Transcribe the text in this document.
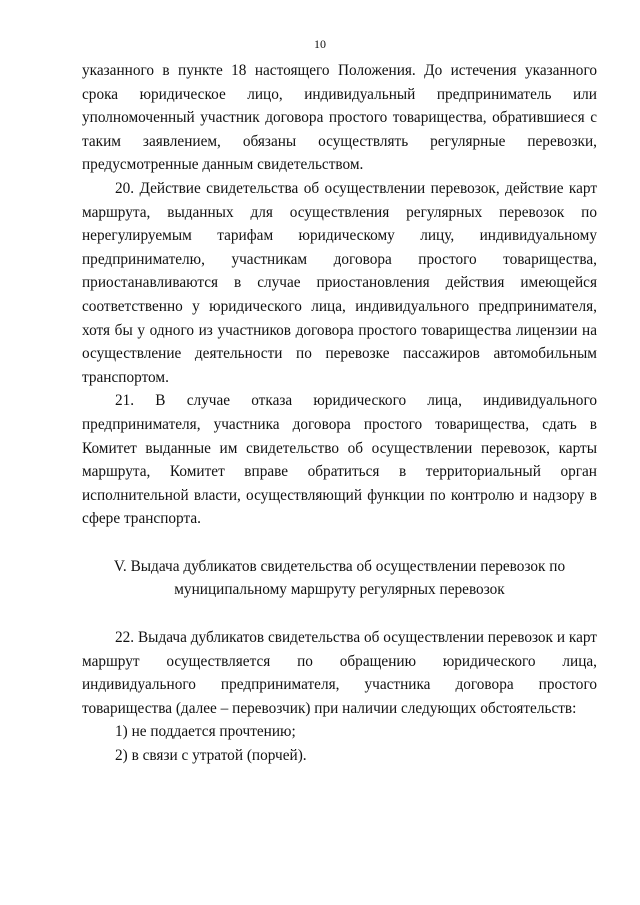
10

указанного в пункте 18 настоящего Положения. До истечения указанного срока юридическое лицо, индивидуальный предприниматель или уполномоченный участник договора простого товарищества, обратившиеся с таким заявлением, обязаны осуществлять регулярные перевозки, предусмотренные данным свидетельством.

20. Действие свидетельства об осуществлении перевозок, действие карт маршрута, выданных для осуществления регулярных перевозок по нерегулируемым тарифам юридическому лицу, индивидуальному предпринимателю, участникам договора простого товарищества, приостанавливаются в случае приостановления действия имеющейся соответственно у юридического лица, индивидуального предпринимателя, хотя бы у одного из участников договора простого товарищества лицензии на осуществление деятельности по перевозке пассажиров автомобильным транспортом.

21. В случае отказа юридического лица, индивидуального предпринимателя, участника договора простого товарищества, сдать в Комитет выданные им свидетельство об осуществлении перевозок, карты маршрута, Комитет вправе обратиться в территориальный орган исполнительной власти, осуществляющий функции по контролю и надзору в сфере транспорта.

V. Выдача дубликатов свидетельства об осуществлении перевозок по
муниципальному маршруту регулярных перевозок

22. Выдача дубликатов свидетельства об осуществлении перевозок и карт маршрут осуществляется по обращению юридического лица, индивидуального предпринимателя, участника договора простого товарищества (далее – перевозчик) при наличии следующих обстоятельств:

1) не поддается прочтению;

2) в связи с утратой (порчей).
